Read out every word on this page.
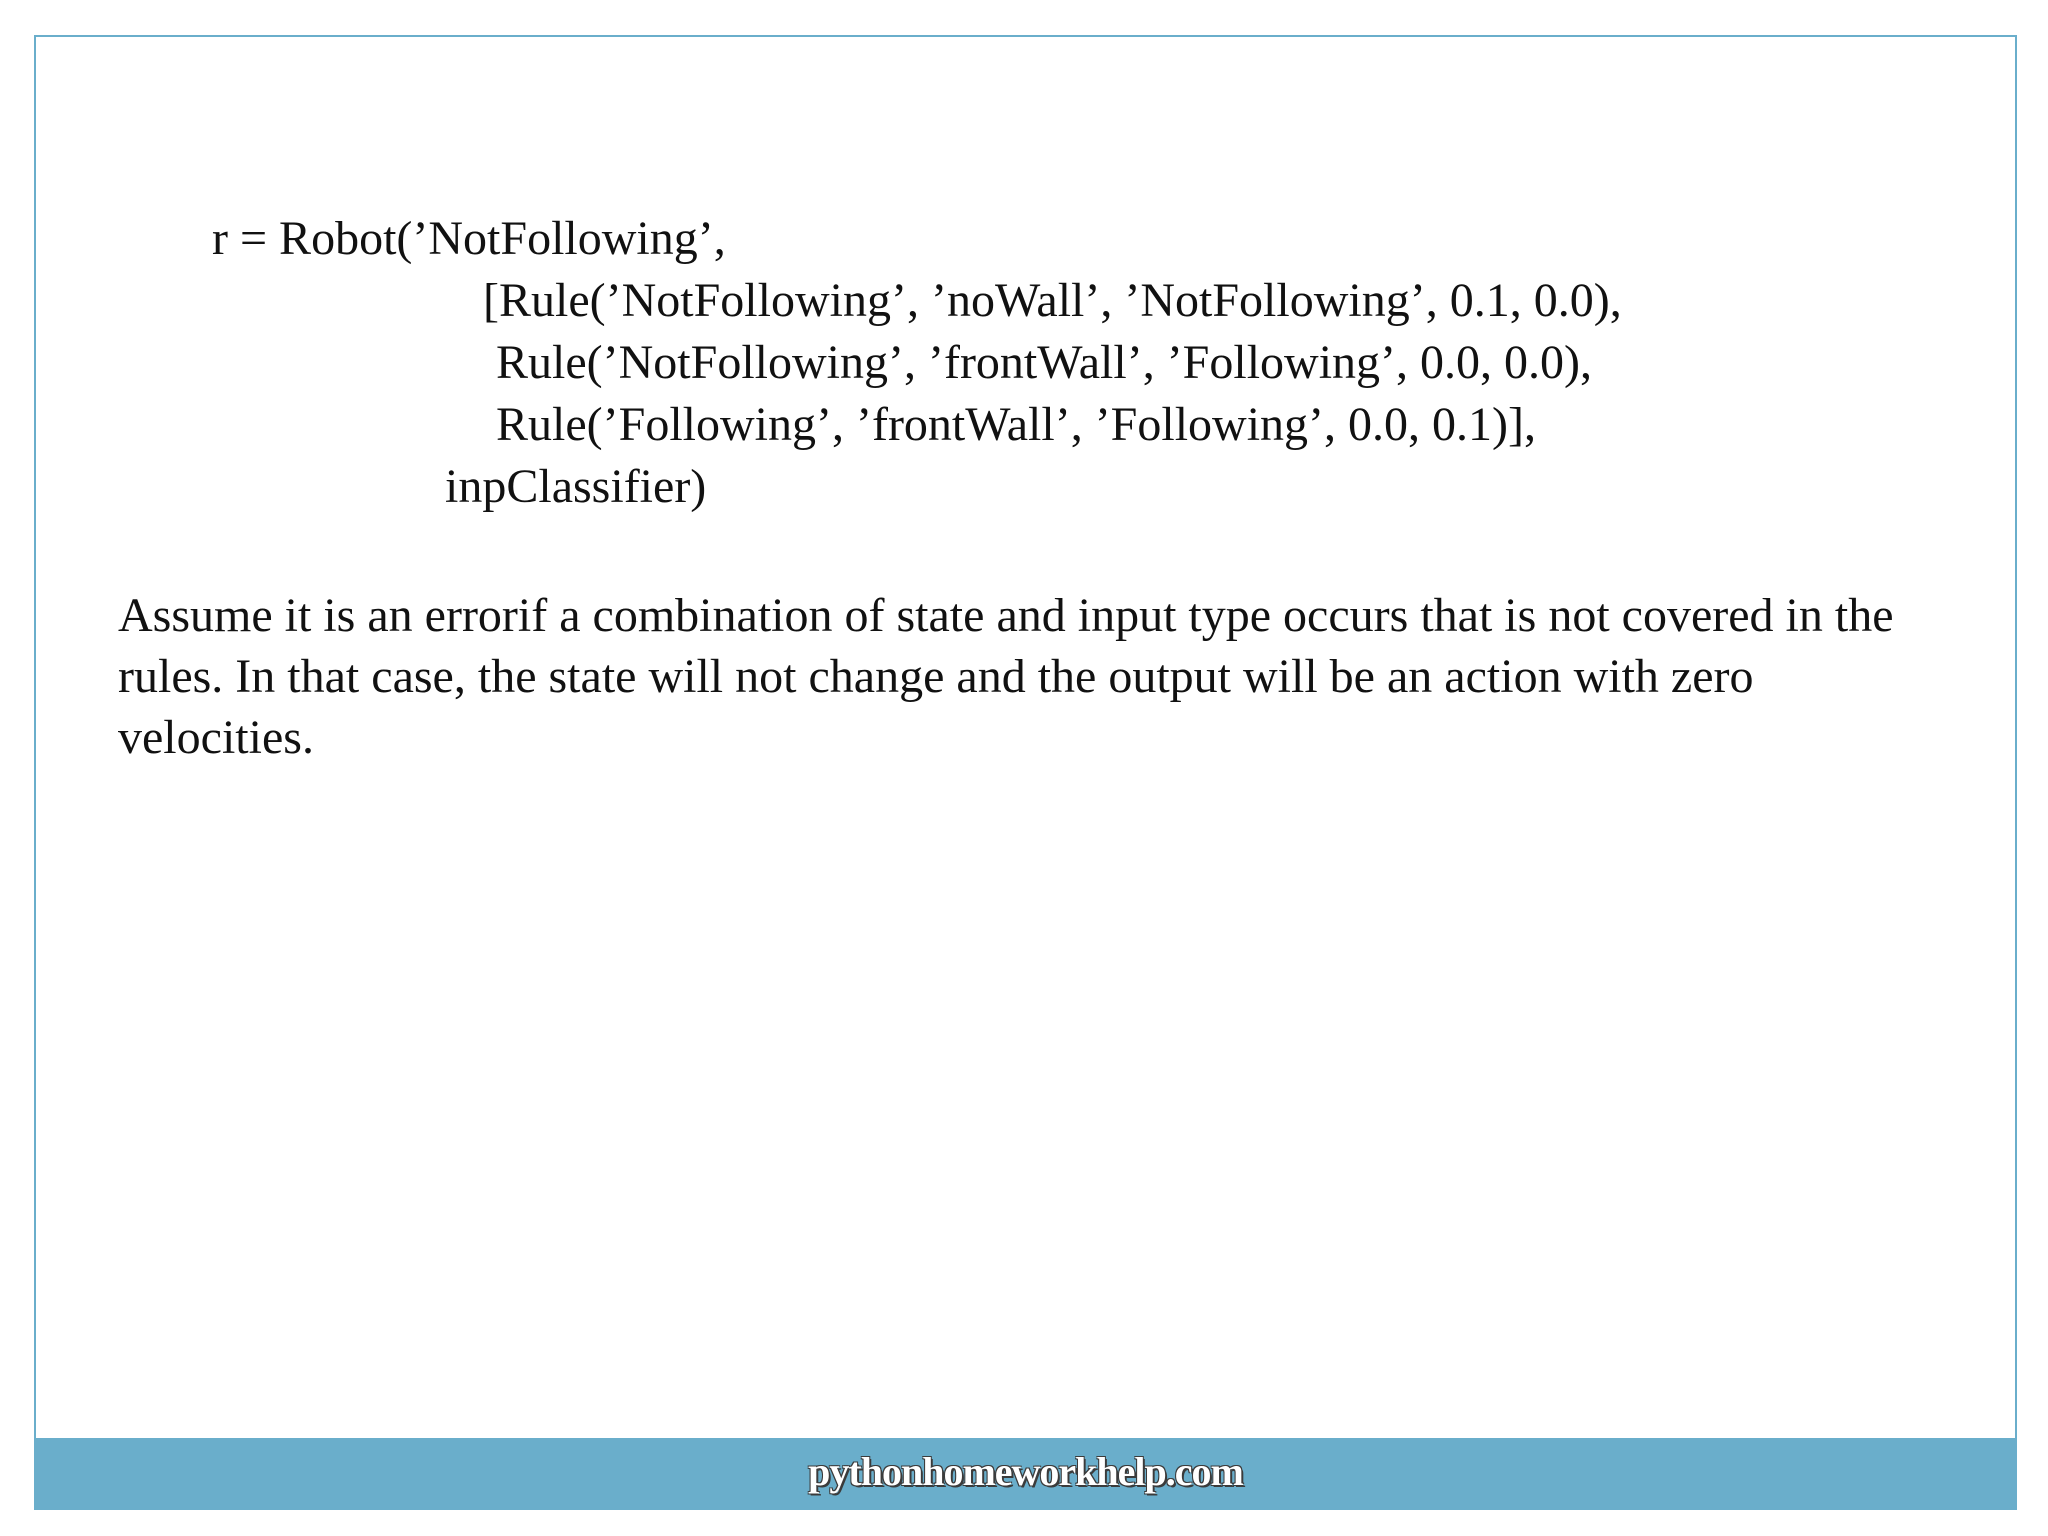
r = Robot(’NotFollowing’,
[Rule(’NotFollowing’, ’noWall’, ’NotFollowing’, 0.1, 0.0),
Rule(’NotFollowing’, ’frontWall’, ’Following’, 0.0, 0.0),
Rule(’Following’, ’frontWall’, ’Following’, 0.0, 0.1)],
inpClassifier)
Assume it is an errorif a combination of state and input type occurs that is not covered in the rules. In that case, the state will not change and the output will be an action with zero velocities.
pythonhomeworkhelp.com
